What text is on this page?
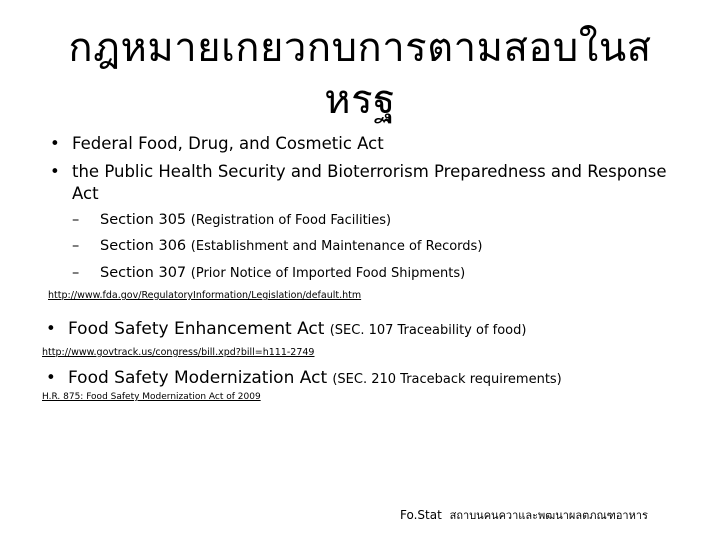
กฎหมายเกยวกบการตามสอบในส
หรฐ
• Federal Food, Drug, and Cosmetic Act
• the Public Health Security and Bioterrorism Preparedness and Response
Act
– Section 305 (Registration of Food Facilities)
– Section 306 (Establishment and Maintenance of Records)
– Section 307 (Prior Notice of Imported Food Shipments)
http://www.fda.gov/RegulatoryInformation/Legislation/default.htm
• Food Safety Enhancement Act (SEC. 107 Traceability of food)
http://www.govtrack.us/congress/bill.xpd?bill=h111-2749
• Food Safety Modernization Act (SEC. 210 Traceback requirements)
H.R. 875: Food Safety Modernization Act of 2009
Fo.Stat สถาบนคนควาและพฒนาผลตภณฑอาหาร
